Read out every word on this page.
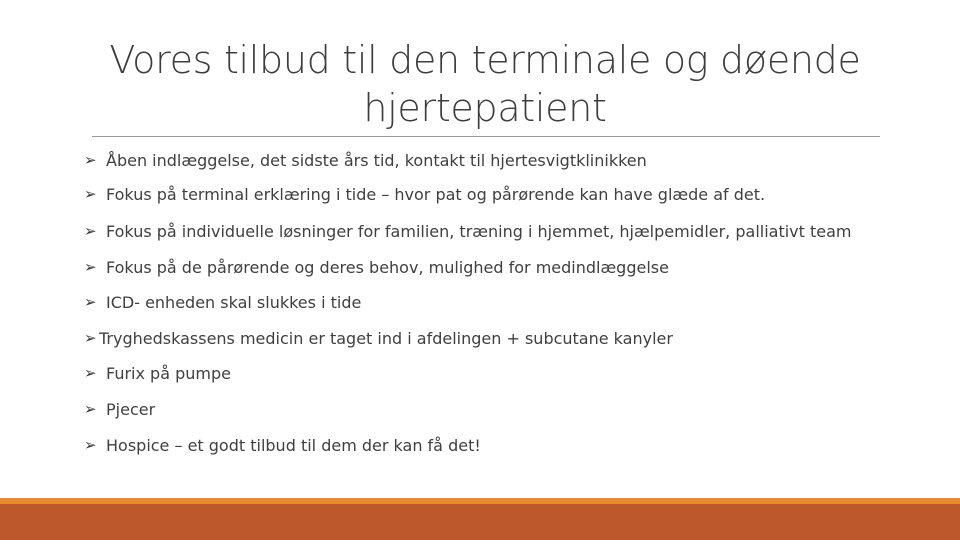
Vores tilbud til den terminale og døende
hjertepatient
➢ Åben indlæggelse, det sidste års tid, kontakt til hjertesvigtklinikken
➢ Fokus på terminal erklæring i tide – hvor pat og pårørende kan have glæde af det.
➢ Fokus på individuelle løsninger for familien, træning i hjemmet, hjælpemidler, palliativt team
➢ Fokus på de pårørende og deres behov, mulighed for medindlæggelse
➢ ICD- enheden skal slukkes i tide
➢ Tryghedskassens medicin er taget ind i afdelingen + subcutane kanyler
➢ Furix på pumpe
➢ Pjecer
➢ Hospice – et godt tilbud til dem der kan få det!
